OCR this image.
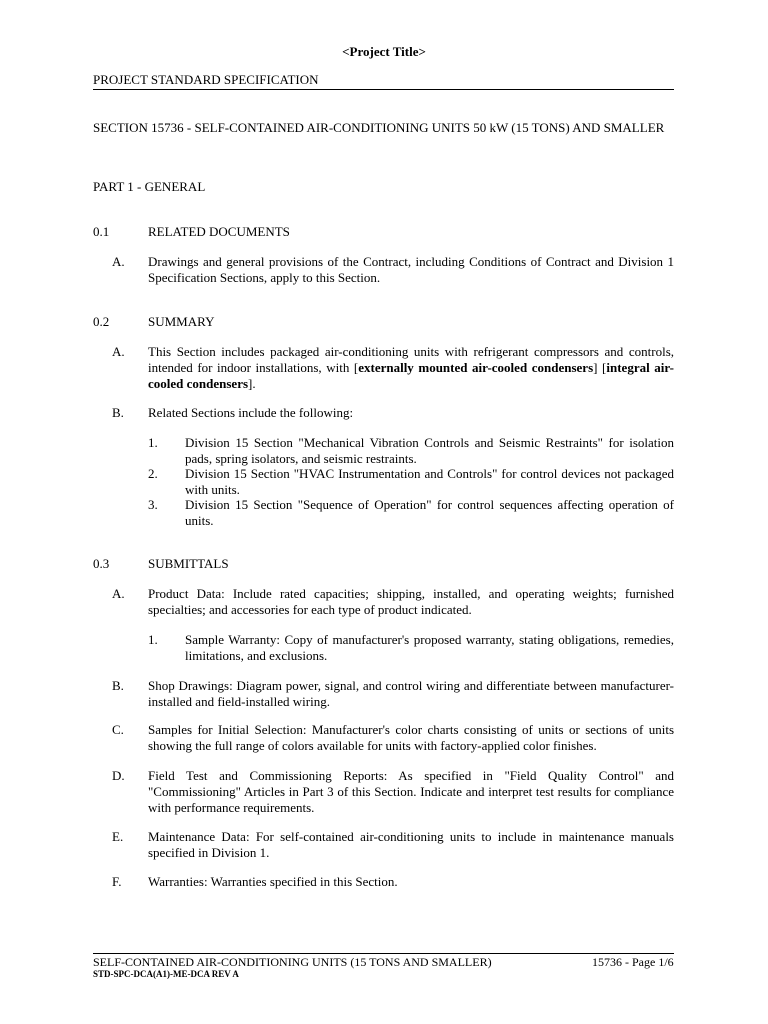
<Project Title>
PROJECT STANDARD SPECIFICATION
SECTION 15736 - SELF-CONTAINED AIR-CONDITIONING UNITS 50 kW (15 TONS) AND SMALLER
PART 1 - GENERAL
0.1	RELATED DOCUMENTS
A. Drawings and general provisions of the Contract, including Conditions of Contract and Division 1 Specification Sections, apply to this Section.
0.2	SUMMARY
A. This Section includes packaged air-conditioning units with refrigerant compressors and controls, intended for indoor installations, with [externally mounted air-cooled condensers] [integral air-cooled condensers].
B. Related Sections include the following:
1. Division 15 Section "Mechanical Vibration Controls and Seismic Restraints" for isolation pads, spring isolators, and seismic restraints.
2. Division 15 Section "HVAC Instrumentation and Controls" for control devices not packaged with units.
3. Division 15 Section "Sequence of Operation" for control sequences affecting operation of units.
0.3	SUBMITTALS
A. Product Data: Include rated capacities; shipping, installed, and operating weights; furnished specialties; and accessories for each type of product indicated.
1. Sample Warranty: Copy of manufacturer's proposed warranty, stating obligations, remedies, limitations, and exclusions.
B. Shop Drawings: Diagram power, signal, and control wiring and differentiate between manufacturer-installed and field-installed wiring.
C. Samples for Initial Selection: Manufacturer's color charts consisting of units or sections of units showing the full range of colors available for units with factory-applied color finishes.
D. Field Test and Commissioning Reports: As specified in "Field Quality Control" and "Commissioning" Articles in Part 3 of this Section. Indicate and interpret test results for compliance with performance requirements.
E. Maintenance Data: For self-contained air-conditioning units to include in maintenance manuals specified in Division 1.
F. Warranties: Warranties specified in this Section.
SELF-CONTAINED AIR-CONDITIONING UNITS (15 TONS AND SMALLER)	15736 - Page 1/6
STD-SPC-DCA(A1)-ME-DCA REV A
